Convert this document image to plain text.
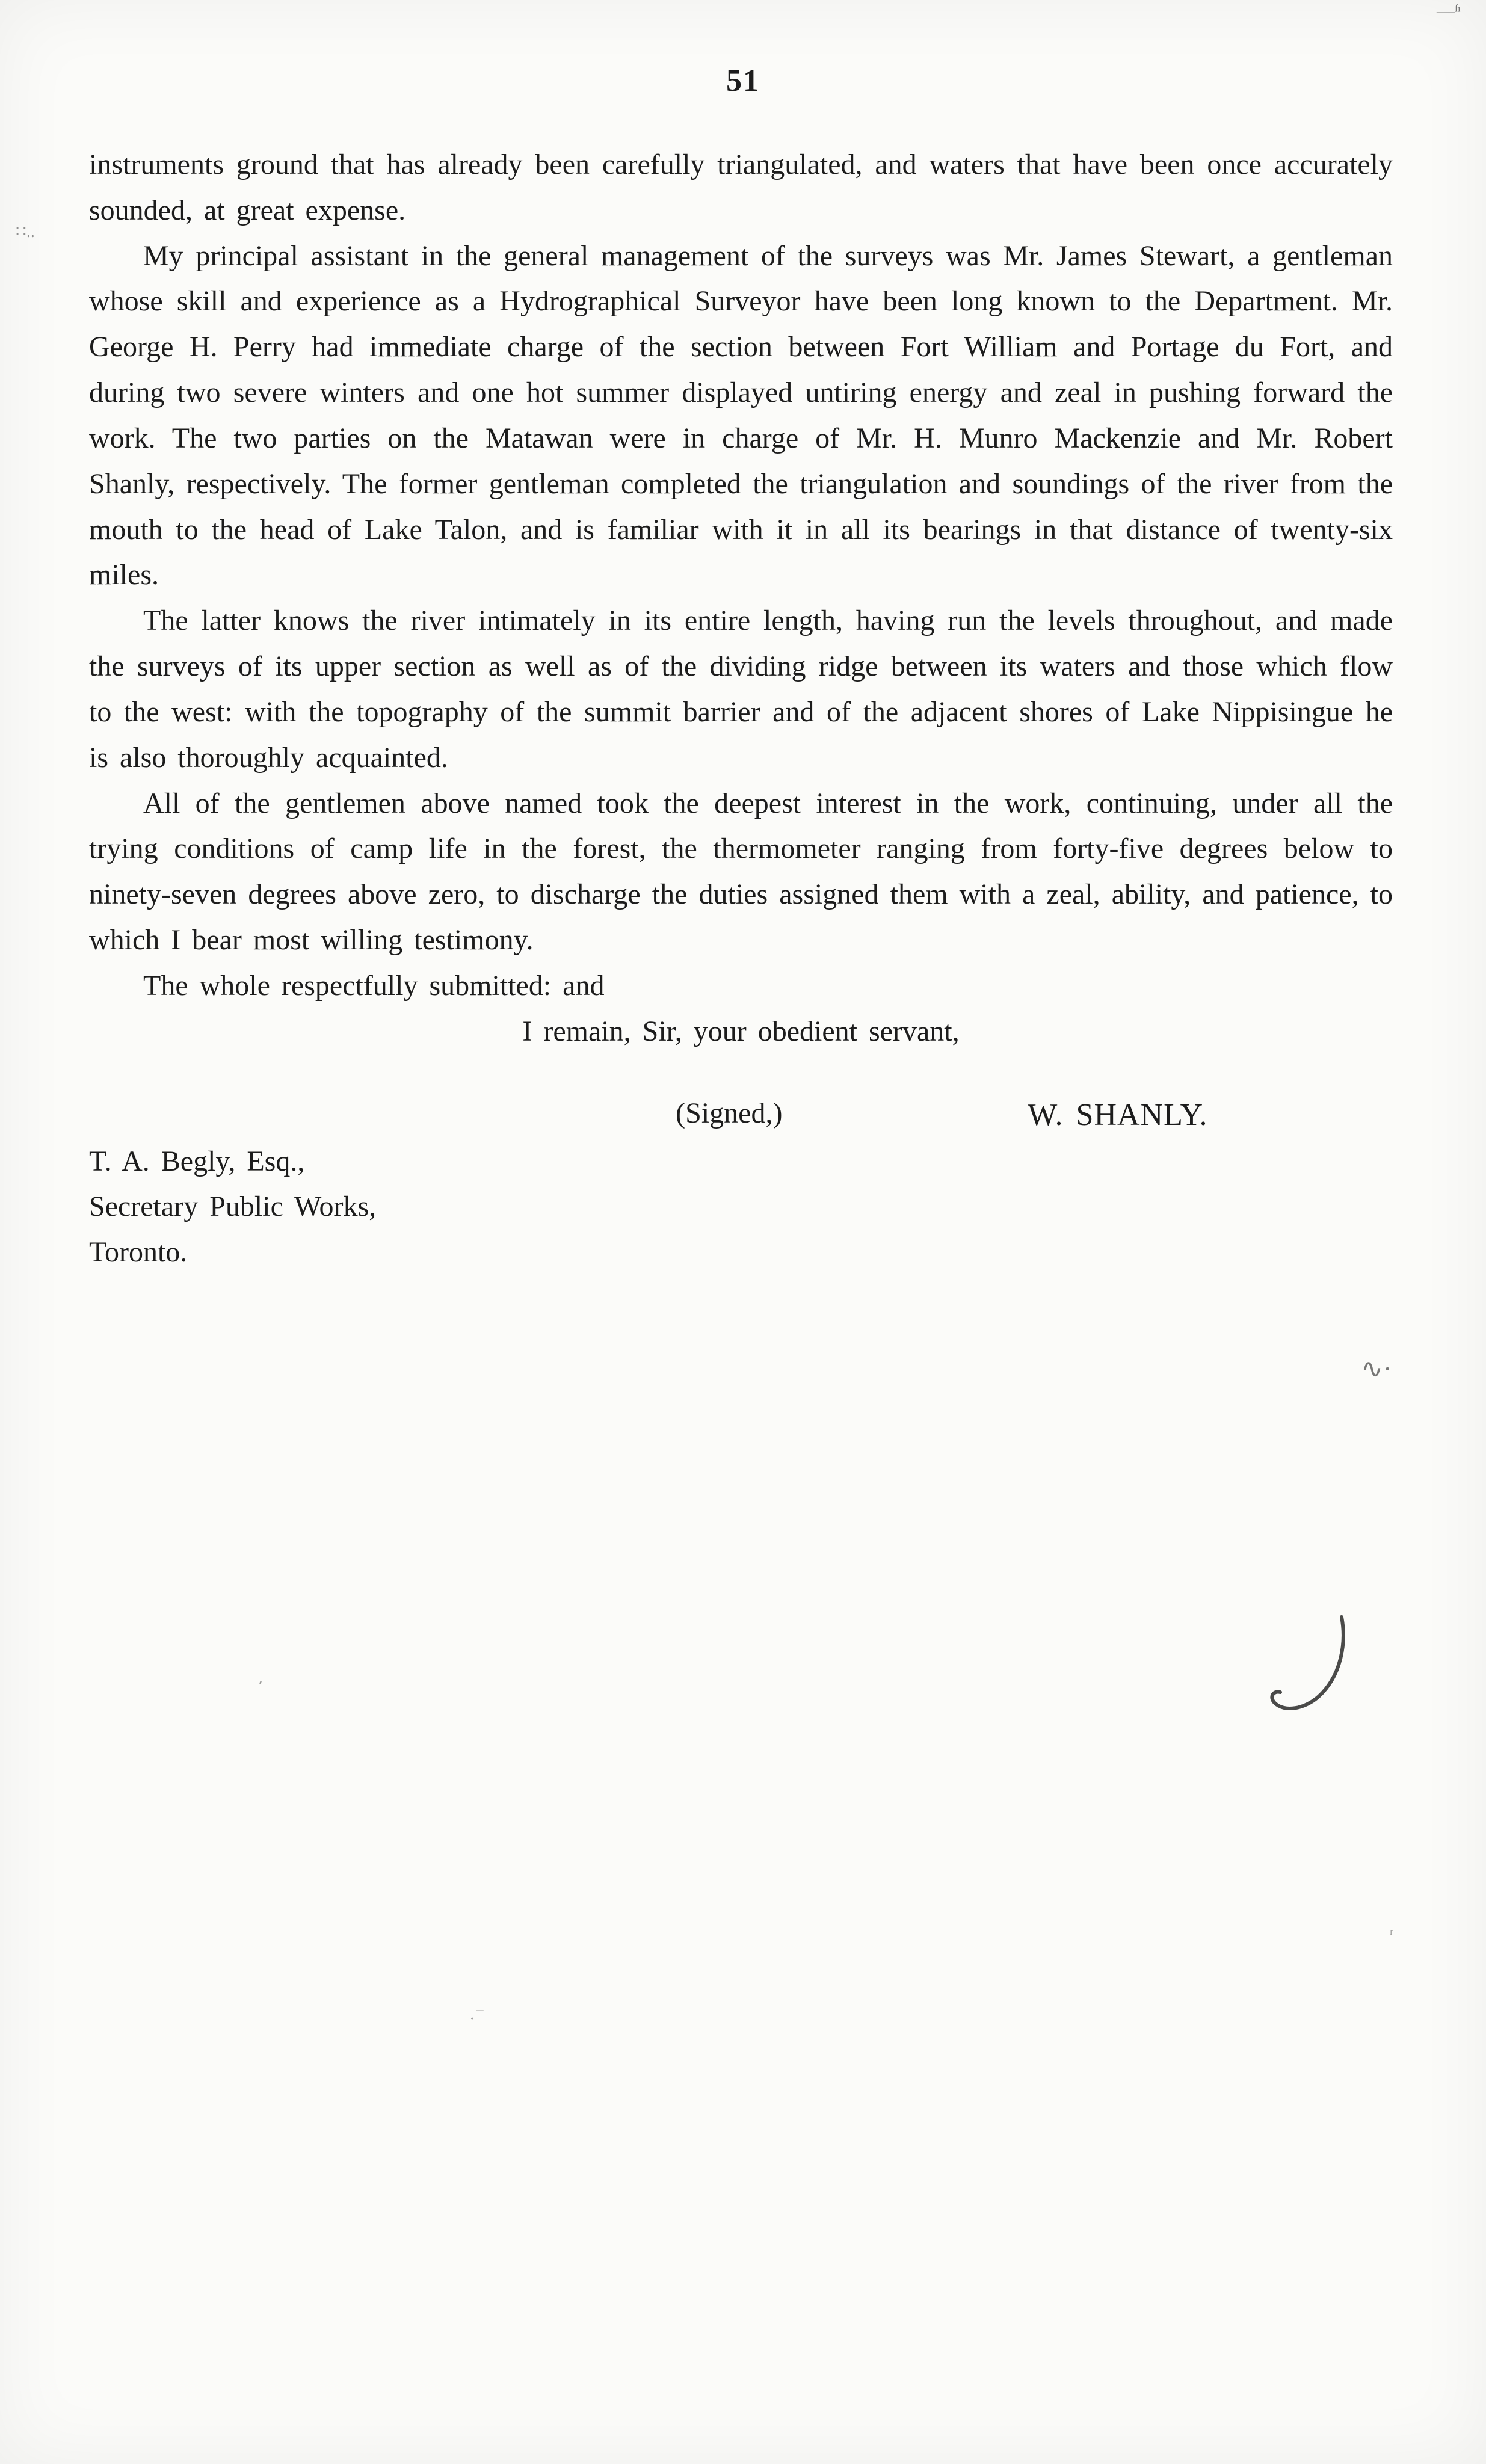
51

instruments ground that has already been carefully triangulated, and waters that have been once accurately sounded, at great expense.

My principal assistant in the general management of the surveys was Mr. James Stewart, a gentleman whose skill and experience as a Hydrographical Surveyor have been long known to the Department. Mr. George H. Perry had immediate charge of the section between Fort William and Portage du Fort, and during two severe winters and one hot summer displayed untiring energy and zeal in pushing forward the work. The two parties on the Matawan were in charge of Mr. H. Munro Mackenzie and Mr. Robert Shanly, respectively. The former gentleman completed the triangulation and soundings of the river from the mouth to the head of Lake Talon, and is familiar with it in all its bearings in that distance of twenty-six miles.

The latter knows the river intimately in its entire length, having run the levels throughout, and made the surveys of its upper section as well as of the dividing ridge between its waters and those which flow to the west: with the topography of the summit barrier and of the adjacent shores of Lake Nippisingue he is also thoroughly acquainted.

All of the gentlemen above named took the deepest interest in the work, continuing, under all the trying conditions of camp life in the forest, the thermometer ranging from forty-five degrees below to ninety-seven degrees above zero, to discharge the duties assigned them with a zeal, ability, and patience, to which I bear most willing testimony.

The whole respectfully submitted: and

I remain, Sir, your obedient servant,

(Signed,)	W. SHANLY.

T. A. Begly, Esq.,

Secretary Public Works,

Toronto.

—ʱ
∷..
∿·
΄
․⁻
ʳ
